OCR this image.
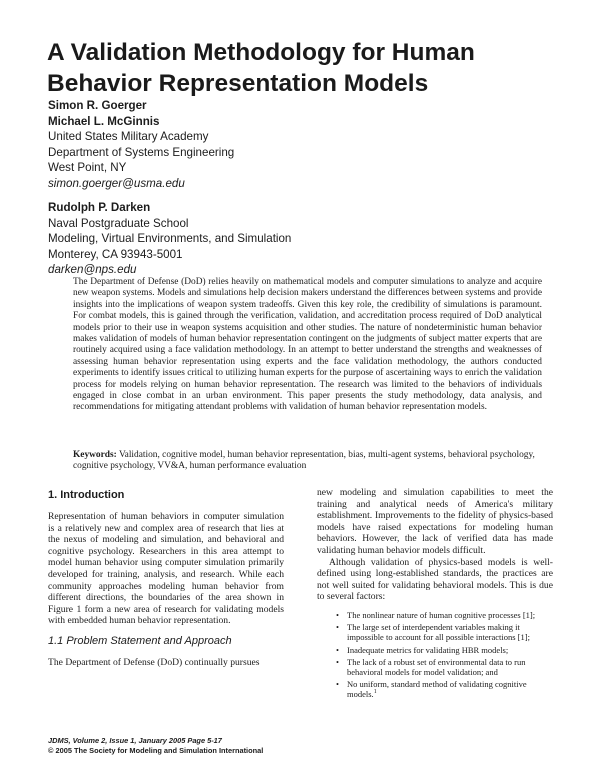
A Validation Methodology for Human Behavior Representation Models
Simon R. Goerger
Michael L. McGinnis
United States Military Academy
Department of Systems Engineering
West Point, NY
simon.goerger@usma.edu
Rudolph P. Darken
Naval Postgraduate School
Modeling, Virtual Environments, and Simulation
Monterey, CA 93943-5001
darken@nps.edu
The Department of Defense (DoD) relies heavily on mathematical models and computer simulations to analyze and acquire new weapon systems. Models and simulations help decision makers understand the differences between systems and provide insights into the implications of weapon system tradeoffs. Given this key role, the credibility of simulations is paramount. For combat models, this is gained through the verification, validation, and accreditation process required of DoD analytical models prior to their use in weapon systems acquisition and other studies. The nature of nondeterministic human behavior makes validation of models of human behavior representation contingent on the judgments of subject matter experts that are routinely acquired using a face validation methodology. In an attempt to better understand the strengths and weaknesses of assessing human behavior representation using experts and the face validation methodology, the authors conducted experiments to identify issues critical to utilizing human experts for the purpose of ascertaining ways to enrich the validation process for models relying on human behavior representation. The research was limited to the behaviors of individuals engaged in close combat in an urban environment. This paper presents the study methodology, data analysis, and recommendations for mitigating attendant problems with validation of human behavior representation models.
Keywords: Validation, cognitive model, human behavior representation, bias, multi-agent systems, behavioral psychology, cognitive psychology, VV&A, human performance evaluation
1. Introduction

Representation of human behaviors in computer simulation is a relatively new and complex area of research that lies at the nexus of modeling and simulation, and behavioral and cognitive psychology. Researchers in this area attempt to model human behavior using computer simulation primarily developed for training, analysis, and research. While each community approaches modeling human behavior from different directions, the boundaries of the area shown in Figure 1 form a new area of research for validating models with embedded human behavior representation.

1.1 Problem Statement and Approach

The Department of Defense (DoD) continually pursues

new modeling and simulation capabilities to meet the training and analytical needs of America's military establishment. Improvements to the fidelity of physics-based models have raised expectations for modeling human behaviors. However, the lack of verified data has made validating human behavior models difficult.

Although validation of physics-based models is well-defined using long-established standards, the practices are not well suited for validating behavioral models. This is due to several factors:

• The nonlinear nature of human cognitive processes [1];
• The large set of interdependent variables making it impossible to account for all possible interactions [1];
• Inadequate metrics for validating HBR models;
• The lack of a robust set of environmental data to run behavioral models for model validation; and
• No uniform, standard method of validating cognitive models.$^1$
JDMS, Volume 2, Issue 1, January 2005 Page 5-17
© 2005 The Society for Modeling and Simulation International
